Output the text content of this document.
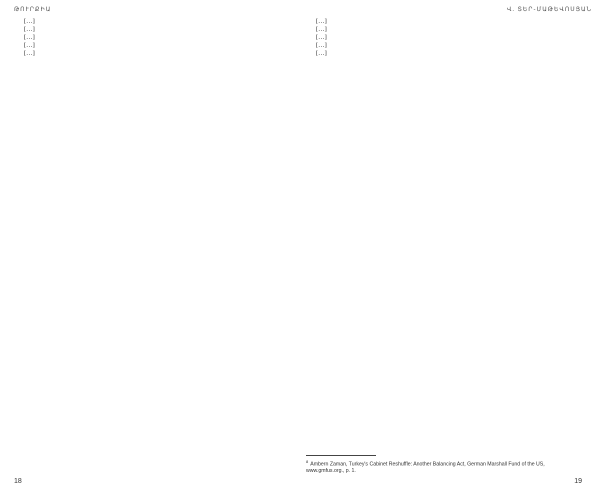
ԹՈՒՐՔԻԱ

[…]

[…]

[…]

[…]

[…]

18
Վ. ՏԵՐ-ՄԱԹԵՎՈՍՅԱՆ

[…]

[…]

[…]

[…]

[…]

$^8$Ambern Zaman, Turkey's Cabinet Reshuffle: Another Balancing Act, German Marshall Fund of the US, www.gmfus.org., p. 1.
19
